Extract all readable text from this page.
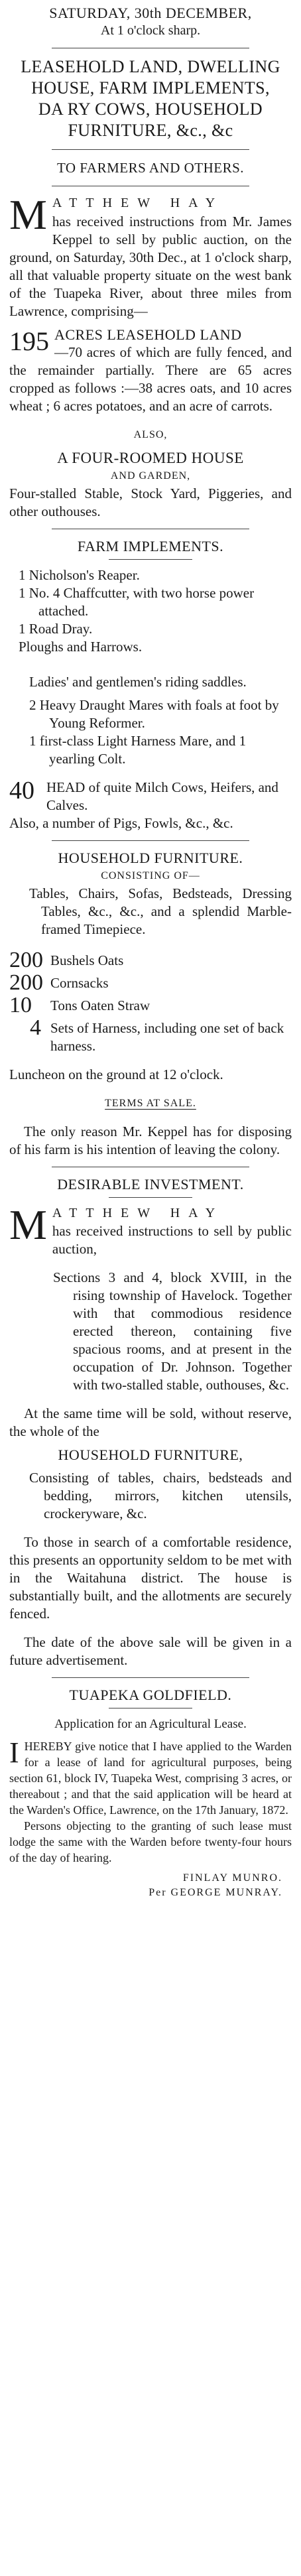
SATURDAY, 30th DECEMBER,
At 1 o'clock sharp.
LEASEHOLD LAND, DWELLING
HOUSE, FARM IMPLEMENTS,
DA RY COWS, HOUSEHOLD
FURNITURE, &c., &c
TO FARMERS AND OTHERS.
M ATTHEW HAY

has received instructions from Mr. James Keppel to sell by public auction, on the ground, on Saturday, 30th Dec., at 1 o'clock sharp, all that valuable property situate on the west bank of the Tuapeka River, about three miles from Lawrence, comprising—

195 ACRES LEASEHOLD LAND

—70 acres of which are fully fenced, and the remainder partially. There are 65 acres cropped as follows :—38 acres oats, and 10 acres wheat ; 6 acres potatoes, and an acre of carrots.

ALSO,
A FOUR-ROOMED HOUSE
AND GARDEN,

Four-stalled Stable, Stock Yard, Piggeries, and other outhouses.

FARM IMPLEMENTS.
1 Nicholson's Reaper.
1 No. 4 Chaffcutter, with two horse power attached.
1 Road Dray.
Ploughs and Harrows.
Ladies' and gentlemen's riding saddles.
2 Heavy Draught Mares with foals at foot by Young Reformer.
1 first-class Light Harness Mare, and 1 yearling Colt.
40 HEAD of quite Milch Cows, Heifers, and Calves.
Also, a number of Pigs, Fowls, &c., &c.
HOUSEHOLD FURNITURE.
CONSISTING OF—

Tables, Chairs, Sofas, Bedsteads, Dressing Tables, &c., &c., and a splendid Marble-framed Timepiece.

200 Bushels Oats
200 Cornsacks
10	Tons Oaten Straw
4 Sets of Harness, including one set of back harness.
Luncheon on the ground at 12 o'clock.
TERMS AT SALE.

The only reason Mr. Keppel has for disposing of his farm is his intention of leaving the colony.

DESIRABLE INVESTMENT.
M ATTHEW HAY

has received instructions to sell by public auction,

Sections 3 and 4, block XVIII, in the rising township of Havelock. Together with that commodious residence erected thereon, containing five spacious rooms, and at present in the occupation of Dr. Johnson. Together with two-stalled stable, outhouses, &c.

At the same time will be sold, without reserve, the whole of the

HOUSEHOLD FURNITURE,

Consisting of tables, chairs, bedsteads and bedding, mirrors, kitchen utensils, crockeryware, &c.

To those in search of a comfortable residence, this presents an opportunity seldom to be met with in the Waitahuna district. The house is substantially built, and the allotments are securely fenced.

The date of the above sale will be given in a future advertisement.

TUAPEKA GOLDFIELD.
Application for an Agricultural Lease.
I HEREBY give notice that I have applied to the Warden for a lease of land for agricultural purposes, being section 61, block IV, Tuapeka West, comprising 3 acres, or thereabout ; and that the said application will be heard at the Warden's Office, Lawrence, on the 17th January, 1872.

Persons objecting to the granting of such lease must lodge the same with the Warden before twenty-four hours of the day of hearing.

FINLAY MUNRO.
Per GEORGE MUNRAY.
